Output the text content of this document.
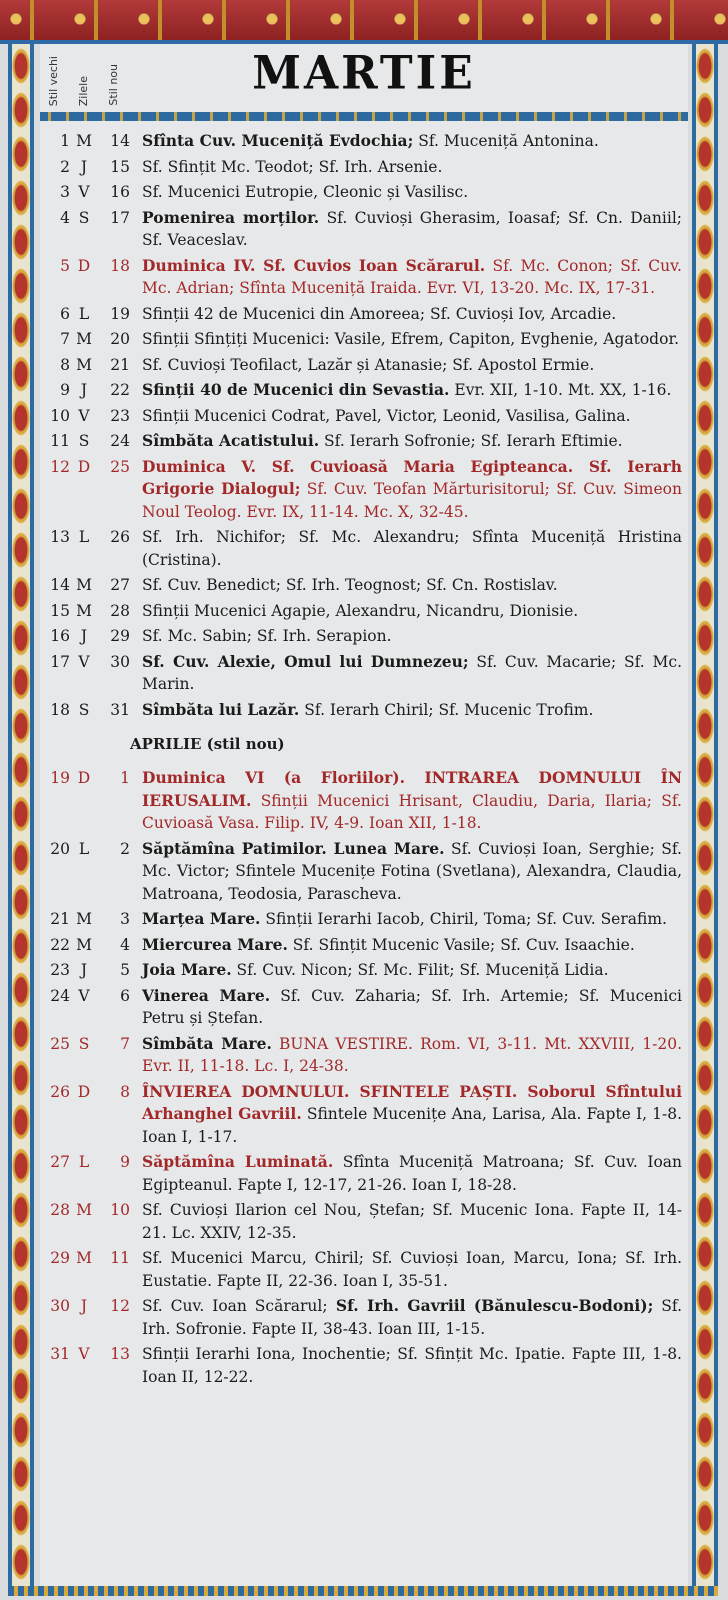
Stil vechi Zilele Stil nou	MARTIE
1 M	14 Sfînta Cuv. Muceniță Evdochia; Sf. Muceniță Antonina.
2 J	15 Sf. Sfințit Mc. Teodot; Sf. Irh. Arsenie.
3 V	16 Sf. Mucenici Eutropie, Cleonic și Vasilisc.
4 S	17 Pomenirea morților. Sf. Cuvioși Gherasim, Ioasaf; Sf. Cn. Daniil; Sf. Veaceslav.
5 D	18 Duminica IV. Sf. Cuvios Ioan Scărarul. Sf. Mc. Conon; Sf. Cuv. Mc. Adrian; Sfînta Muceniță Iraida. Evr. VI, 13-20. Mc. IX, 17-31.
6 L	19 Sfinții 42 de Mucenici din Amoreea; Sf. Cuvioși Iov, Arcadie.
7 M	20 Sfinții Sfințiți Mucenici: Vasile, Efrem, Capiton, Evghenie, Agatodor.
8 M	21 Sf. Cuvioși Teofilact, Lazăr și Atanasie; Sf. Apostol Ermie.
9 J	22 Sfinții 40 de Mucenici din Sevastia. Evr. XII, 1-10. Mt. XX, 1-16.
10 V	23 Sfinții Mucenici Codrat, Pavel, Victor, Leonid, Vasilisa, Galina.
11 S	24 Sîmbăta Acatistului. Sf. Ierarh Sofronie; Sf. Ierarh Eftimie.
12 D	25 Duminica V. Sf. Cuvioasă Maria Egipteanca. Sf. Ierarh Grigorie Dialogul; Sf. Cuv. Teofan Mărturisitorul; Sf. Cuv. Simeon Noul Teolog. Evr. IX, 11-14. Mc. X, 32-45.
13 L	26 Sf. Irh. Nichifor; Sf. Mc. Alexandru; Sfînta Muceniță Hristina (Cristina).
14 M	27 Sf. Cuv. Benedict; Sf. Irh. Teognost; Sf. Cn. Rostislav.
15 M	28 Sfinții Mucenici Agapie, Alexandru, Nicandru, Dionisie.
16 J	29 Sf. Mc. Sabin; Sf. Irh. Serapion.
17 V	30 Sf. Cuv. Alexie, Omul lui Dumnezeu; Sf. Cuv. Macarie; Sf. Mc. Marin.
18 S	31 Sîmbăta lui Lazăr. Sf. Ierarh Chiril; Sf. Mucenic Trofim.
APRILIE (stil nou)
19 D	1 Duminica VI (a Floriilor). INTRAREA DOMNULUI ÎN IERUSALIM. Sfinții Mucenici Hrisant, Claudiu, Daria, Ilaria; Sf. Cuvioasă Vasa. Filip. IV, 4-9. Ioan XII, 1-18.
20 L	2 Săptămîna Patimilor. Lunea Mare. Sf. Cuvioși Ioan, Serghie; Sf. Mc. Victor; Sfintele Mucenițe Fotina (Svetlana), Alexandra, Claudia, Matroana, Teodosia, Parascheva.
21 M	3 Marțea Mare. Sfinții Ierarhi Iacob, Chiril, Toma; Sf. Cuv. Serafim.
22 M	4 Miercurea Mare. Sf. Sfințit Mucenic Vasile; Sf. Cuv. Isaachie.
23 J	5 Joia Mare. Sf. Cuv. Nicon; Sf. Mc. Filit; Sf. Muceniță Lidia.
24 V	6 Vinerea Mare. Sf. Cuv. Zaharia; Sf. Irh. Artemie; Sf. Mucenici Petru și Ștefan.
25 S	7 Sîmbăta Mare. BUNA VESTIRE. Rom. VI, 3-11. Mt. XXVIII, 1-20. Evr. II, 11-18. Lc. I, 24-38.
26 D	8 ÎNVIEREA DOMNULUI. SFINTELE PAȘTI. Soborul Sfîntului Arhanghel Gavriil. Sfintele Mucenițe Ana, Larisa, Ala. Fapte I, 1-8. Ioan I, 1-17.
27 L	9 Săptămîna Luminată. Sfînta Muceniță Matroana; Sf. Cuv. Ioan Egipteanul. Fapte I, 12-17, 21-26. Ioan I, 18-28.
28 M	10 Sf. Cuvioși Ilarion cel Nou, Ștefan; Sf. Mucenic Iona. Fapte II, 14-21. Lc. XXIV, 12-35.
29 M	11 Sf. Mucenici Marcu, Chiril; Sf. Cuvioși Ioan, Marcu, Iona; Sf. Irh. Eustatie. Fapte II, 22-36. Ioan I, 35-51.
30 J	12 Sf. Cuv. Ioan Scărarul; Sf. Irh. Gavriil (Bănulescu-Bodoni); Sf. Irh. Sofronie. Fapte II, 38-43. Ioan III, 1-15.
31 V	13 Sfinții Ierarhi Iona, Inochentie; Sf. Sfințit Mc. Ipatie. Fapte III, 1-8. Ioan II, 12-22.
